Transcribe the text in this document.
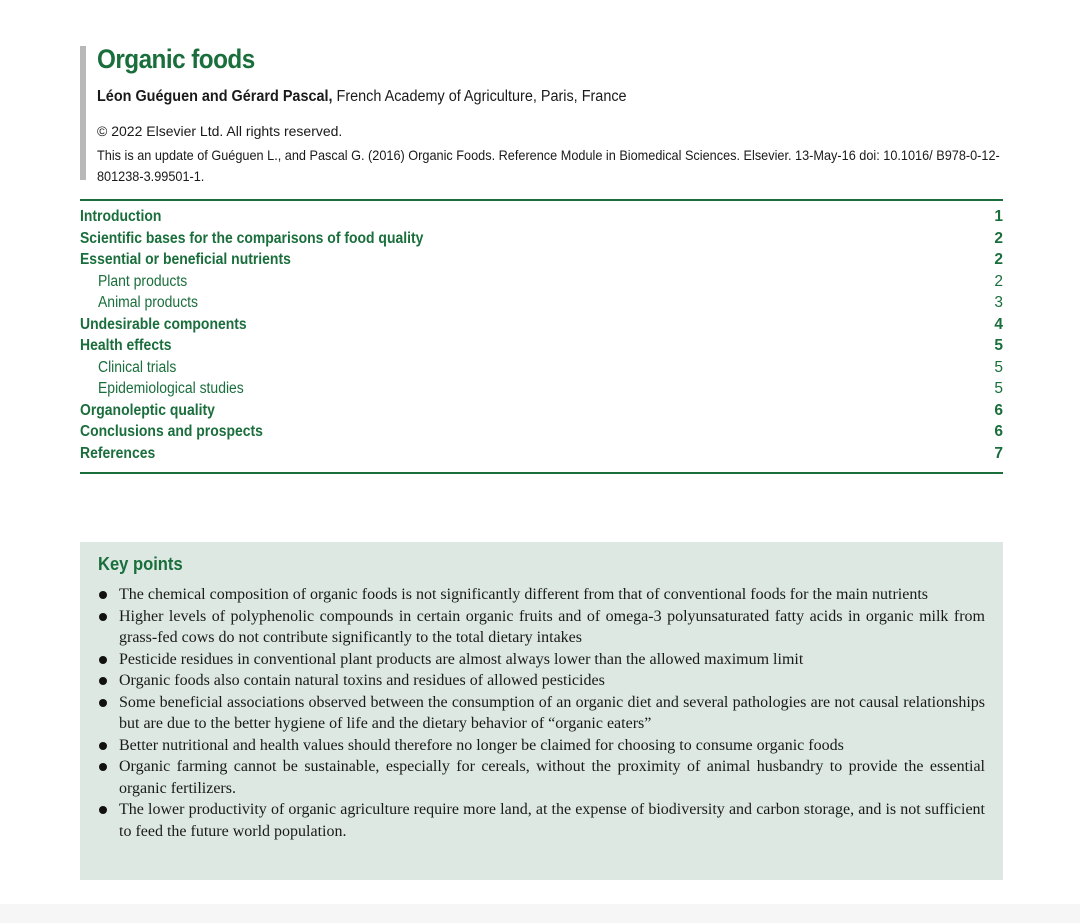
Organic foods
Léon Guéguen and Gérard Pascal, French Academy of Agriculture, Paris, France
© 2022 Elsevier Ltd. All rights reserved.
This is an update of Guéguen L., and Pascal G. (2016) Organic Foods. Reference Module in Biomedical Sciences. Elsevier. 13-May-16 doi: 10.1016/ B978-0-12-801238-3.99501-1.
Introduction	1
Scientific bases for the comparisons of food quality	2
Essential or beneficial nutrients	2
Plant products	2
Animal products	3
Undesirable components	4
Health effects	5
Clinical trials	5
Epidemiological studies	5
Organoleptic quality	6
Conclusions and prospects	6
References	7
Key points
The chemical composition of organic foods is not significantly different from that of conventional foods for the main nutrients
Higher levels of polyphenolic compounds in certain organic fruits and of omega-3 polyunsaturated fatty acids in organic milk from grass-fed cows do not contribute significantly to the total dietary intakes
Pesticide residues in conventional plant products are almost always lower than the allowed maximum limit
Organic foods also contain natural toxins and residues of allowed pesticides
Some beneficial associations observed between the consumption of an organic diet and several pathologies are not causal relationships but are due to the better hygiene of life and the dietary behavior of “organic eaters”
Better nutritional and health values should therefore no longer be claimed for choosing to consume organic foods
Organic farming cannot be sustainable, especially for cereals, without the proximity of animal husbandry to provide the essential organic fertilizers.
The lower productivity of organic agriculture require more land, at the expense of biodiversity and carbon storage, and is not sufficient to feed the future world population.
